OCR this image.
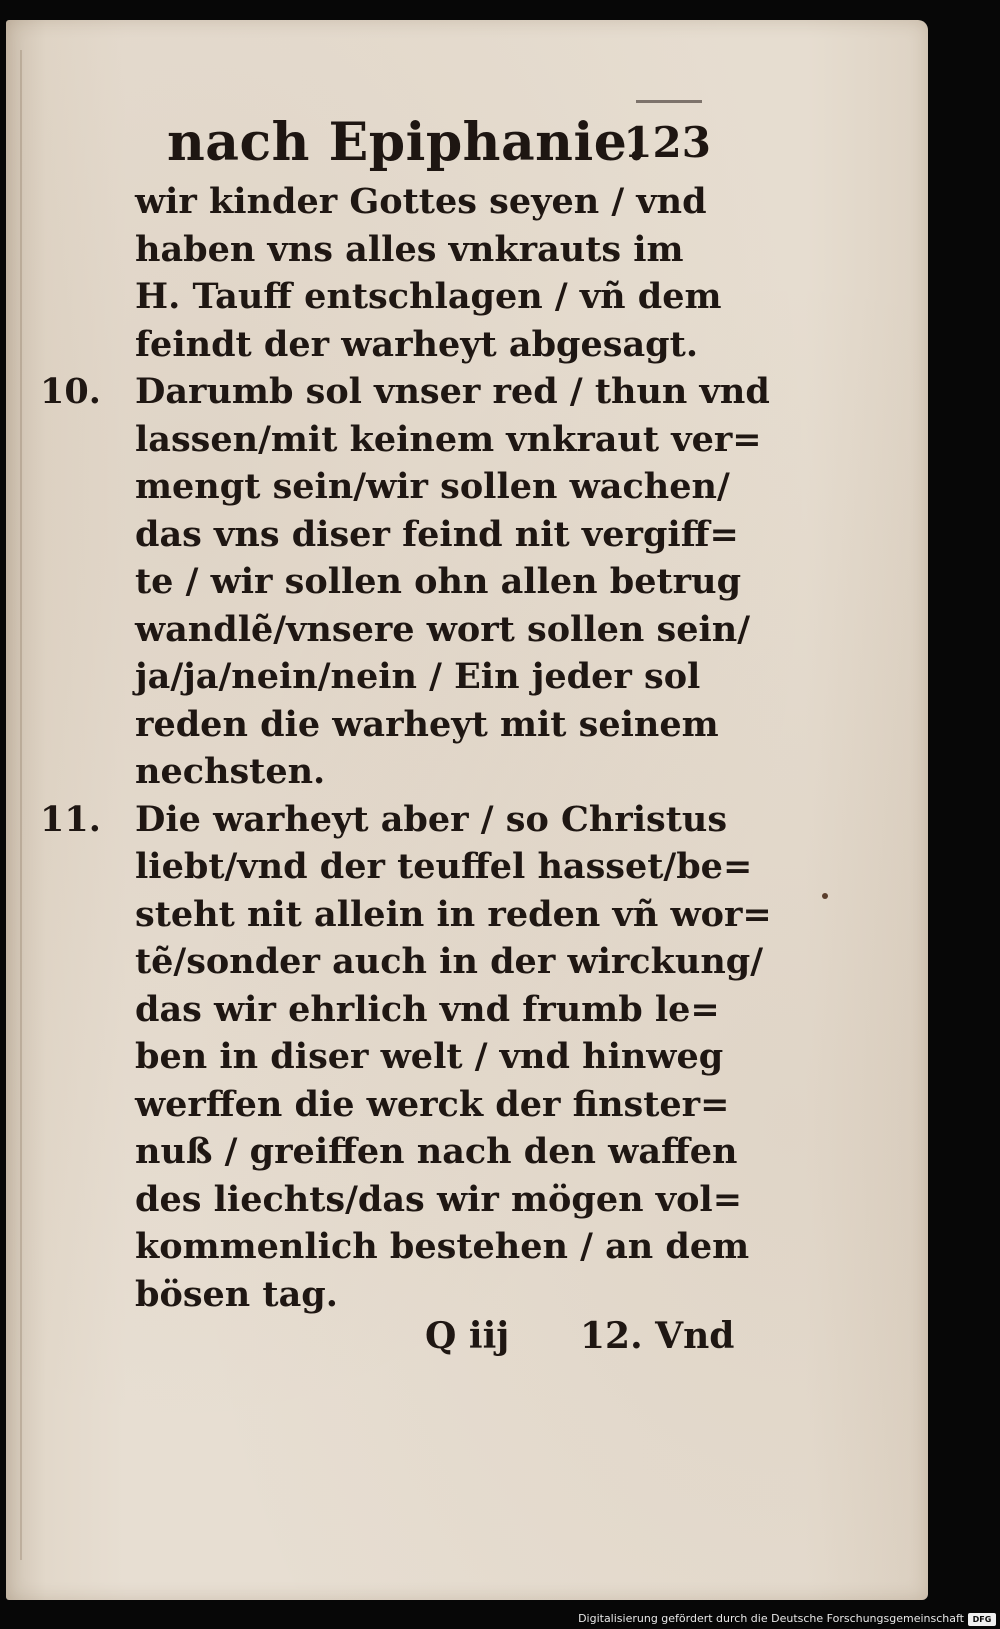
nach Epiphanie.
123
wir kinder Gottes seyen / vnd
haben vns alles vnkrauts im
H. Tauff entschlagen / vñ dem
feindt der warheyt abgesagt.
10. Darumb sol vnser red / thun vnd
lassen/mit keinem vnkraut ver=
mengt sein/wir sollen wachen/
das vns diser feind nit vergiff=
te / wir sollen ohn allen betrug
wandlẽ/vnsere wort sollen sein/
ja/ja/nein/nein / Ein jeder sol
reden die warheyt mit seinem
nechsten.
11. Die warheyt aber / so Christus
liebt/vnd der teuffel hasset/be=
steht nit allein in reden vñ wor=
tẽ/sonder auch in der wirckung/
das wir ehrlich vnd frumb le=
ben in diser welt / vnd hinweg
werffen die werck der finster=
nuß / greiffen nach den waffen
des liechts/das wir mögen vol=
kommenlich bestehen / an dem
bösen tag.
Q iij 12. Vnd
Digitalisierung gefördert durch die Deutsche Forschungsgemeinschaft	DFG
